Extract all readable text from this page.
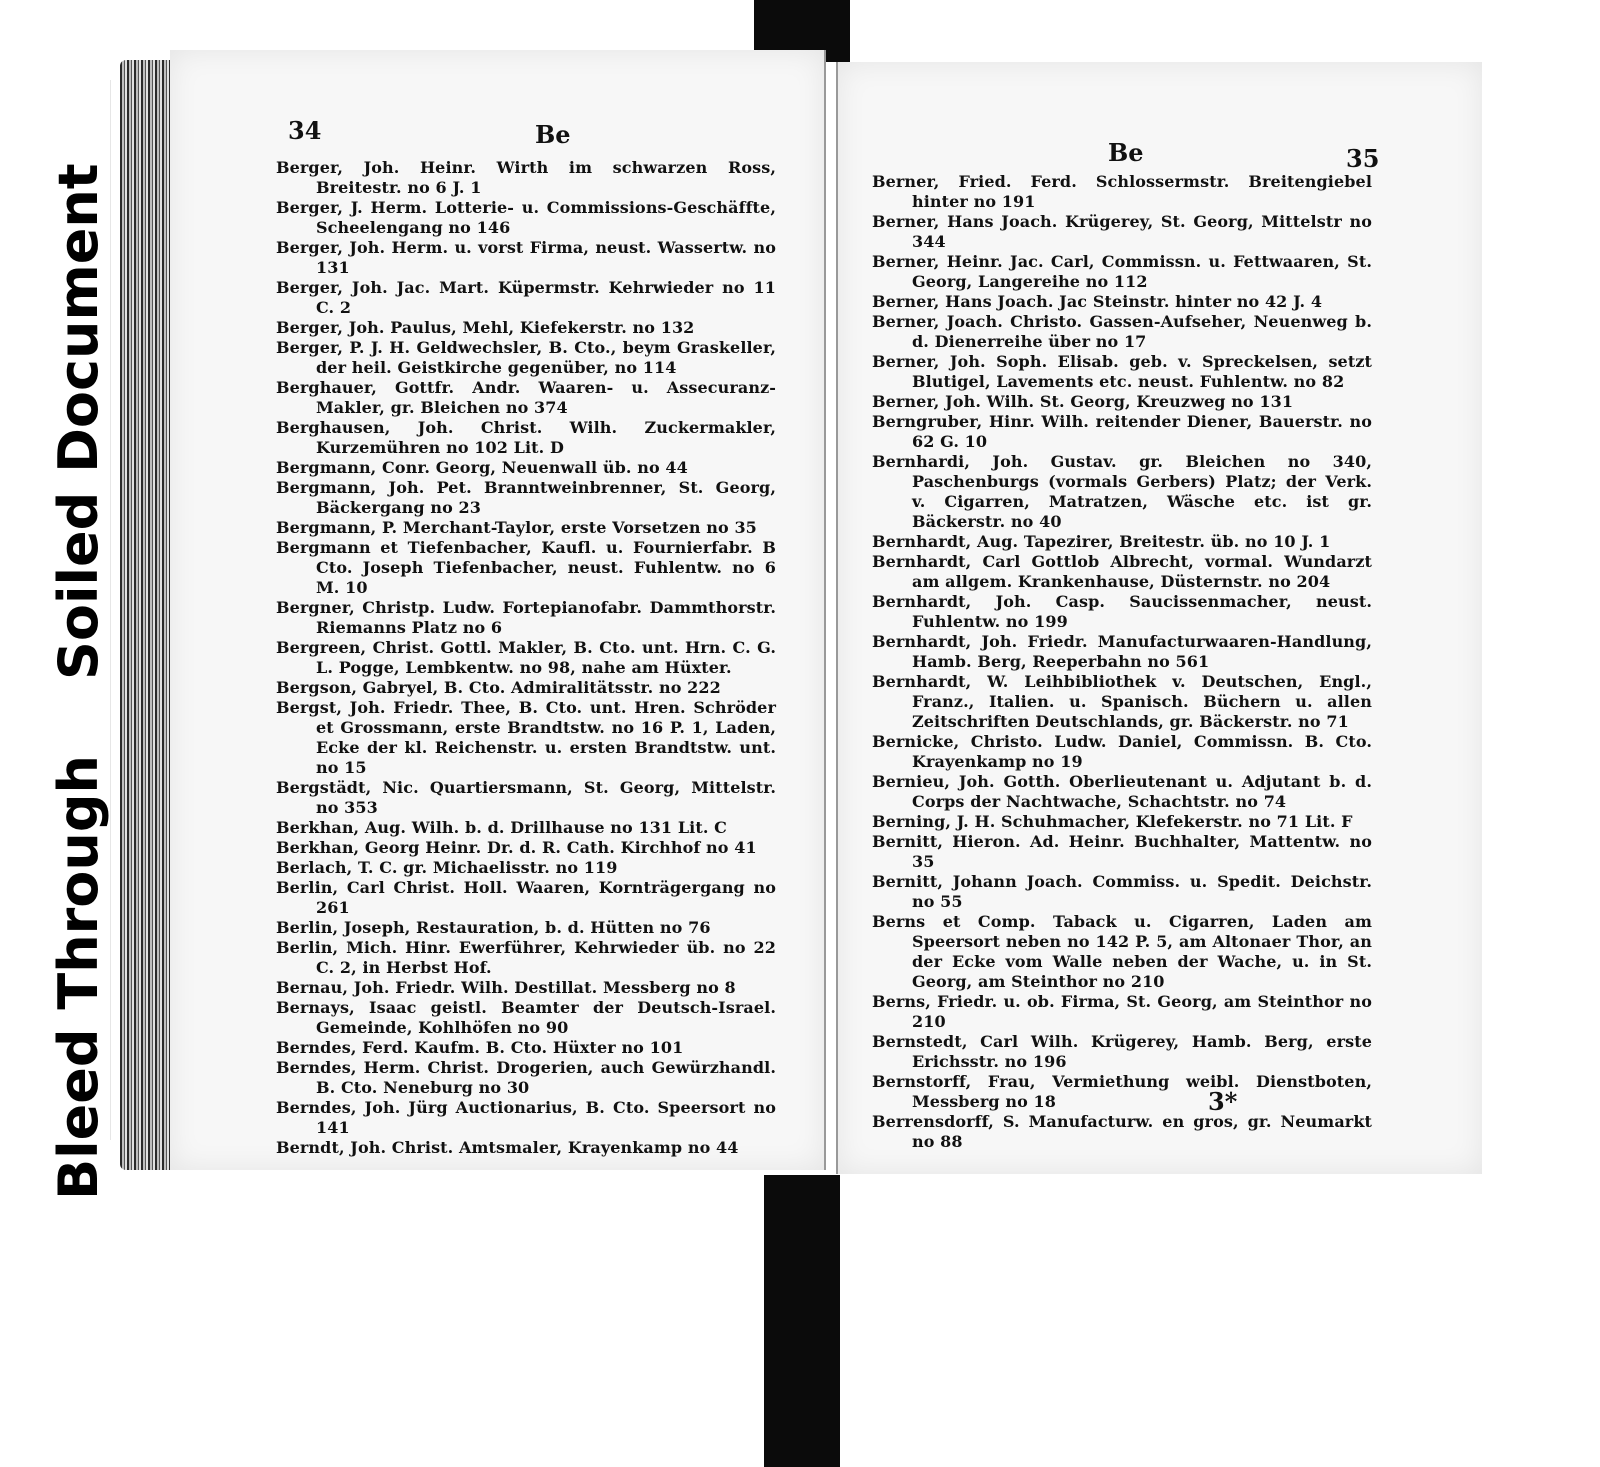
Soiled Document
Bleed Through
34	Be
Berger, Joh. Heinr. Wirth im schwarzen Ross, Breitestr. no 6 J. 1
Berger, J. Herm. Lotterie- u. Commissions-Geschäffte, Scheelengang no 146
Berger, Joh. Herm. u. vorst Firma, neust. Wassertw. no 131
Berger, Joh. Jac. Mart. Küpermstr. Kehrwieder no 11 C. 2
Berger, Joh. Paulus, Mehl, Kiefekerstr. no 132
Berger, P. J. H. Geldwechsler, B. Cto., beym Graskeller, der heil. Geistkirche gegenüber, no 114
Berghauer, Gottfr. Andr. Waaren- u. Assecuranz-Makler, gr. Bleichen no 374
Berghausen, Joh. Christ. Wilh. Zuckermakler, Kurzemühren no 102 Lit. D
Bergmann, Conr. Georg, Neuenwall üb. no 44
Bergmann, Joh. Pet. Branntweinbrenner, St. Georg, Bäckergang no 23
Bergmann, P. Merchant-Taylor, erste Vorsetzen no 35
Bergmann et Tiefenbacher, Kaufl. u. Fournierfabr. B Cto. Joseph Tiefenbacher, neust. Fuhlentw. no 6 M. 10
Bergner, Christp. Ludw. Fortepianofabr. Dammthorstr. Riemanns Platz no 6
Bergreen, Christ. Gottl. Makler, B. Cto. unt. Hrn. C. G. L. Pogge, Lembkentw. no 98, nahe am Hüxter.
Bergson, Gabryel, B. Cto. Admiralitätsstr. no 222
Bergst, Joh. Friedr. Thee, B. Cto. unt. Hren. Schröder et Grossmann, erste Brandtstw. no 16 P. 1, Laden, Ecke der kl. Reichenstr. u. ersten Brandtstw. unt. no 15
Bergstädt, Nic. Quartiersmann, St. Georg, Mittelstr. no 353
Berkhan, Aug. Wilh. b. d. Drillhause no 131 Lit. C
Berkhan, Georg Heinr. Dr. d. R. Cath. Kirchhof no 41
Berlach, T. C. gr. Michaelisstr. no 119
Berlin, Carl Christ. Holl. Waaren, Kornträgergang no 261
Berlin, Joseph, Restauration, b. d. Hütten no 76
Berlin, Mich. Hinr. Ewerführer, Kehrwieder üb. no 22 C. 2, in Herbst Hof.
Bernau, Joh. Friedr. Wilh. Destillat. Messberg no 8
Bernays, Isaac geistl. Beamter der Deutsch-Israel. Gemeinde, Kohlhöfen no 90
Berndes, Ferd. Kaufm. B. Cto. Hüxter no 101
Berndes, Herm. Christ. Drogerien, auch Gewürzhandl. B. Cto. Neneburg no 30
Berndes, Joh. Jürg Auctionarius, B. Cto. Speersort no 141
Berndt, Joh. Christ. Amtsmaler, Krayenkamp no 44
Be	35
Berner, Fried. Ferd. Schlossermstr. Breitengiebel hinter no 191
Berner, Hans Joach. Krügerey, St. Georg, Mittelstr no 344
Berner, Heinr. Jac. Carl, Commissn. u. Fettwaaren, St. Georg, Langereihe no 112
Berner, Hans Joach. Jac Steinstr. hinter no 42 J. 4
Berner, Joach. Christo. Gassen-Aufseher, Neuenweg b. d. Dienerreihe über no 17
Berner, Joh. Soph. Elisab. geb. v. Spreckelsen, setzt Blutigel, Lavements etc. neust. Fuhlentw. no 82
Berner, Joh. Wilh. St. Georg, Kreuzweg no 131
Berngruber, Hinr. Wilh. reitender Diener, Bauerstr. no 62 G. 10
Bernhardi, Joh. Gustav. gr. Bleichen no 340, Paschenburgs (vormals Gerbers) Platz; der Verk. v. Cigarren, Matratzen, Wäsche etc. ist gr. Bäckerstr. no 40
Bernhardt, Aug. Tapezirer, Breitestr. üb. no 10 J. 1
Bernhardt, Carl Gottlob Albrecht, vormal. Wundarzt am allgem. Krankenhause, Düsternstr. no 204
Bernhardt, Joh. Casp. Saucissenmacher, neust. Fuhlentw. no 199
Bernhardt, Joh. Friedr. Manufacturwaaren-Handlung, Hamb. Berg, Reeperbahn no 561
Bernhardt, W. Leihbibliothek v. Deutschen, Engl., Franz., Italien. u. Spanisch. Büchern u. allen Zeitschriften Deutschlands, gr. Bäckerstr. no 71
Bernicke, Christo. Ludw. Daniel, Commissn. B. Cto. Krayenkamp no 19
Bernieu, Joh. Gotth. Oberlieutenant u. Adjutant b. d. Corps der Nachtwache, Schachtstr. no 74
Berning, J. H. Schuhmacher, Klefekerstr. no 71 Lit. F
Bernitt, Hieron. Ad. Heinr. Buchhalter, Mattentw. no 35
Bernitt, Johann Joach. Commiss. u. Spedit. Deichstr. no 55
Berns et Comp. Taback u. Cigarren, Laden am Speersort neben no 142 P. 5, am Altonaer Thor, an der Ecke vom Walle neben der Wache, u. in St. Georg, am Steinthor no 210
Berns, Friedr. u. ob. Firma, St. Georg, am Steinthor no 210
Bernstedt, Carl Wilh. Krügerey, Hamb. Berg, erste Erichsstr. no 196
Bernstorff, Frau, Vermiethung weibl. Dienstboten, Messberg no 18
Berrensdorff, S. Manufacturw. en gros, gr. Neumarkt no 88
3*
